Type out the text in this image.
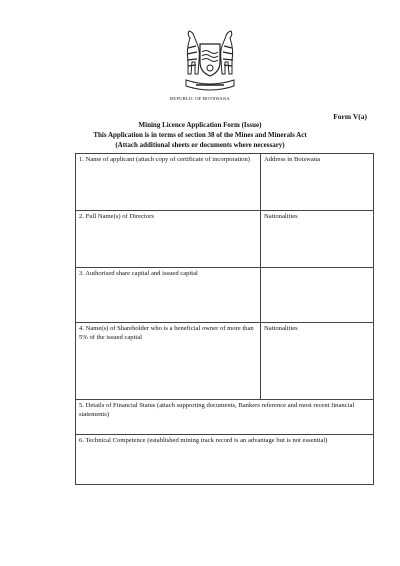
REPUBLIC OF BOTSWANA
Form V(a)
Mining Licence Application Form (Issue)
This Application is in terms of section 38 of the Mines and Minerals Act
(Attach additional sheets or documents where necessary)
1. Name of applicant (attach copy of certificate of incorporation)	Address in Botswana
2. Full Name(s) of Directors	Nationalities
3. Authorised share capital and issued capital	
4. Name(s) of Shareholder who is a beneficial owner of more than 5% of the issued capital	Nationalities
5. Details of Financial Status (attach supporting documents, Bankers reference and most recent financial statements)	
6. Technical Competence (established mining track record is an advantage but is not essential)	
